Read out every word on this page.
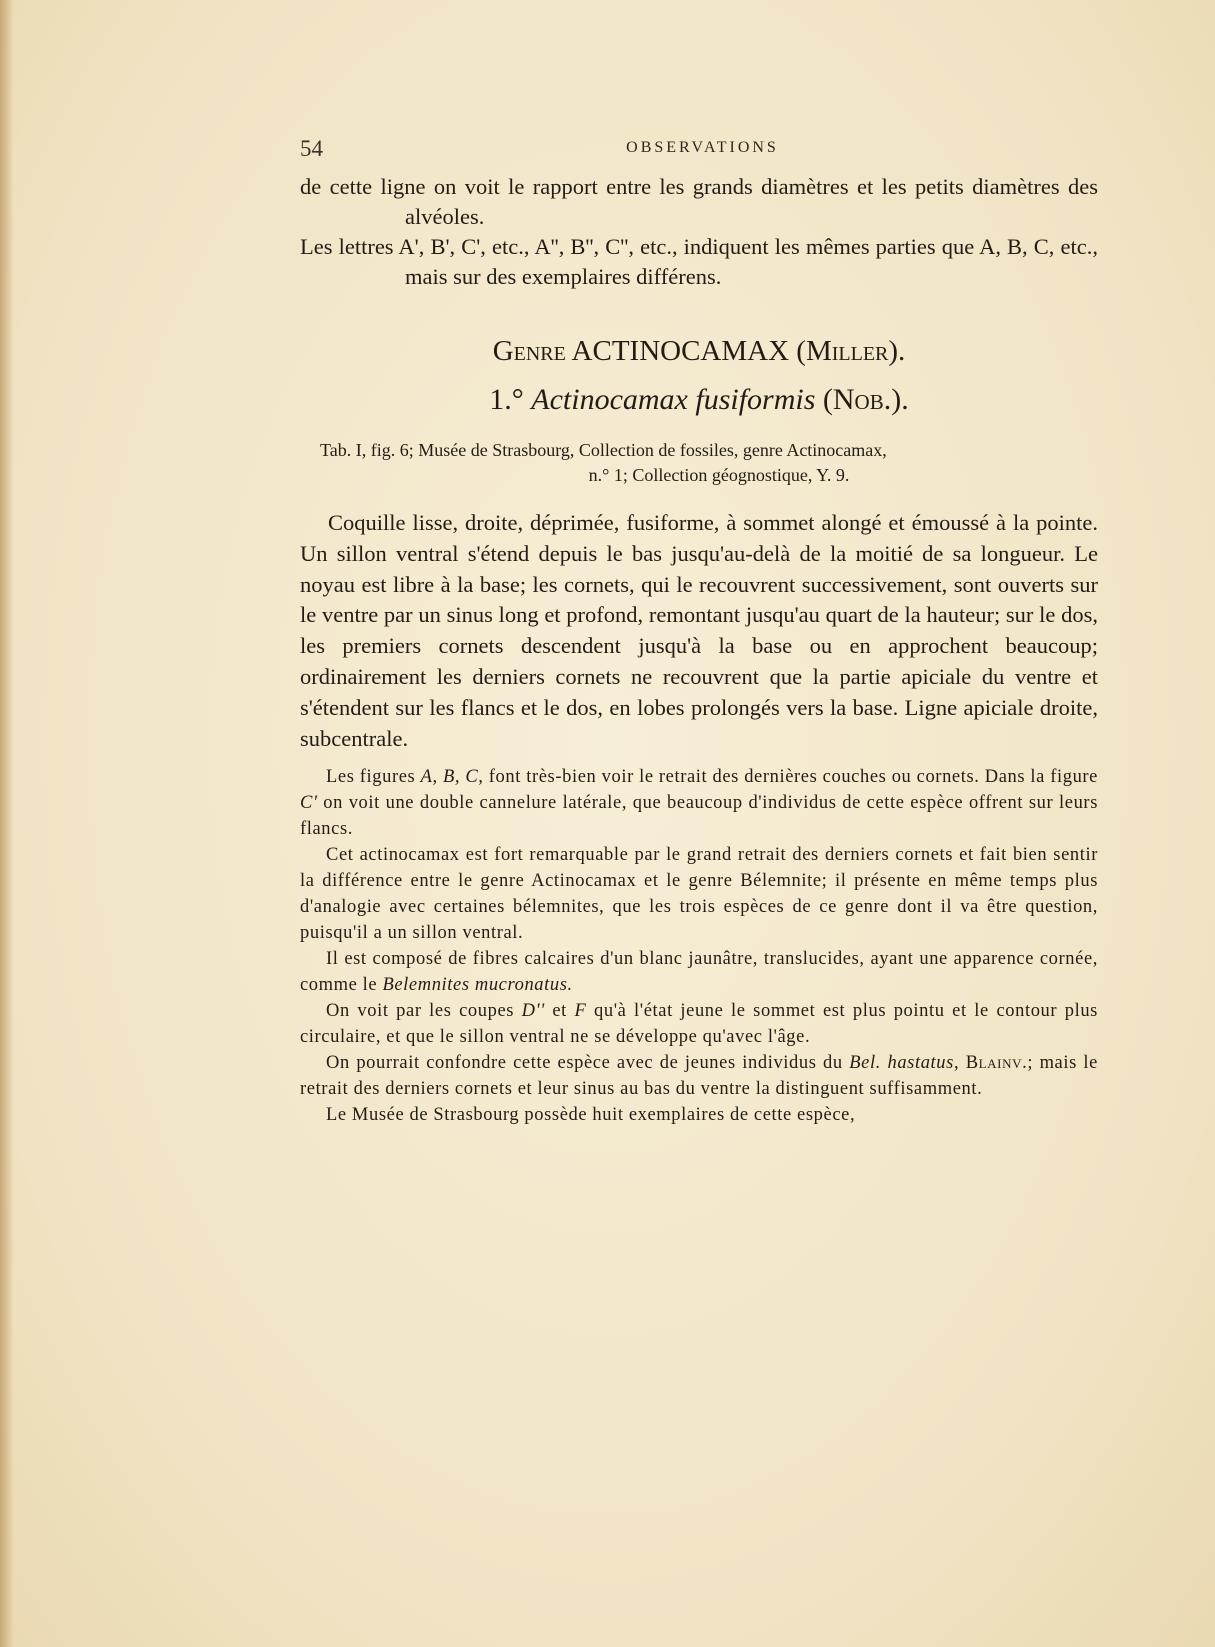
54	OBSERVATIONS

de cette ligne on voit le rapport entre les grands diamètres et les petits diamètres des alvéoles.

Les lettres A', B', C', etc., A'', B'', C'', etc., indiquent les mêmes parties que A, B, C, etc., mais sur des exemplaires différens.

Genre ACTINOCAMAX (Miller).
1.° Actinocamax fusiformis (Nob.).

Tab. I, fig. 6; Musée de Strasbourg, Collection de fossiles, genre Actinocamax,

n.° 1; Collection géognostique, Y. 9.

Coquille lisse, droite, déprimée, fusiforme, à sommet alongé et émoussé à la pointe. Un sillon ventral s'étend depuis le bas jusqu'au-delà de la moitié de sa longueur. Le noyau est libre à la base; les cornets, qui le recouvrent successivement, sont ouverts sur le ventre par un sinus long et profond, remontant jusqu'au quart de la hauteur; sur le dos, les premiers cornets descendent jusqu'à la base ou en approchent beaucoup; ordinairement les derniers cornets ne recouvrent que la partie apiciale du ventre et s'étendent sur les flancs et le dos, en lobes prolongés vers la base. Ligne apiciale droite, subcentrale.

Les figures A, B, C, font très-bien voir le retrait des dernières couches ou cornets. Dans la figure C' on voit une double cannelure latérale, que beaucoup d'individus de cette espèce offrent sur leurs flancs.

Cet actinocamax est fort remarquable par le grand retrait des derniers cornets et fait bien sentir la différence entre le genre Actinocamax et le genre Bélemnite; il présente en même temps plus d'analogie avec certaines bélemnites, que les trois espèces de ce genre dont il va être question, puisqu'il a un sillon ventral.

Il est composé de fibres calcaires d'un blanc jaunâtre, translucides, ayant une apparence cornée, comme le Belemnites mucronatus.

On voit par les coupes D'' et F qu'à l'état jeune le sommet est plus pointu et le contour plus circulaire, et que le sillon ventral ne se développe qu'avec l'âge.

On pourrait confondre cette espèce avec de jeunes individus du Bel. hastatus, Blainv.; mais le retrait des derniers cornets et leur sinus au bas du ventre la distinguent suffisamment.

Le Musée de Strasbourg possède huit exemplaires de cette espèce,
